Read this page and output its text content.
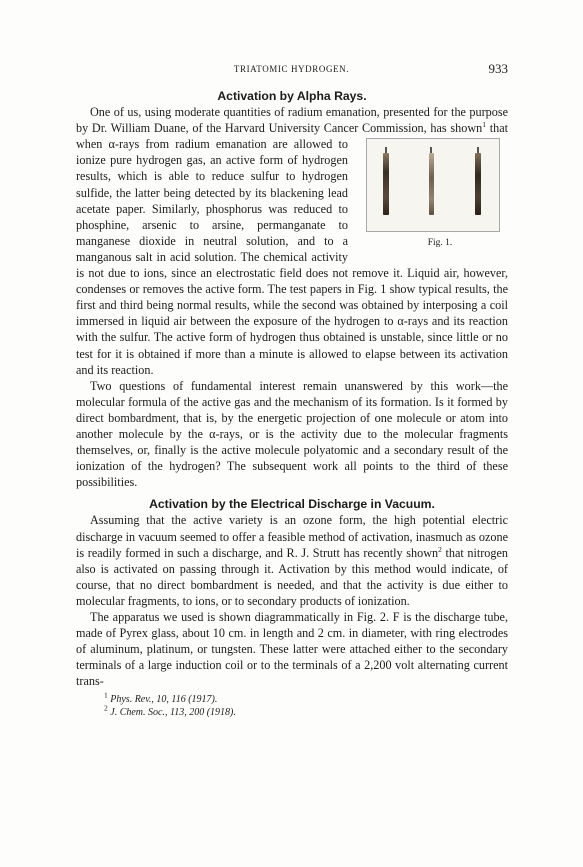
TRIATOMIC HYDROGEN.	933
Activation by Alpha Rays.

One of us, using moderate quantities of radium emanation, presented for the purpose by Dr. William Duane, of the Harvard University Cancer Commission, has shown$^1$
Fig. 1.
that when α-rays from radium emanation are allowed to ionize pure hydrogen gas, an active form of hydrogen results, which is able to reduce sulfur to hydrogen sulfide, the latter being detected by its blackening lead acetate paper. Similarly, phosphorus was reduced to phosphine, arsenic to arsine, permanganate to manganese dioxide in neutral solution, and to a manganous salt in acid solution. The chemical activity is not due to ions, since an electrostatic field does not remove it. Liquid air, however, condenses or removes the active form. The test papers in Fig. 1 show typical results, the first and third being normal results, while the second was obtained by interposing a coil immersed in liquid air between the exposure of the hydrogen to α-rays and its reaction with the sulfur. The active form of hydrogen thus obtained is unstable, since little or no test for it is obtained if more than a minute is allowed to elapse between its activation and its reaction.

Two questions of fundamental interest remain unanswered by this work—the molecular formula of the active gas and the mechanism of its formation. Is it formed by direct bombardment, that is, by the energetic projection of one molecule or atom into another molecule by the α-rays, or is the activity due to the molecular fragments themselves, or, finally is the active molecule polyatomic and a secondary result of the ionization of the hydrogen? The subsequent work all points to the third of these possibilities.

Activation by the Electrical Discharge in Vacuum.

Assuming that the active variety is an ozone form, the high potential electric discharge in vacuum seemed to offer a feasible method of activation, inasmuch as ozone is readily formed in such a discharge, and R. J. Strutt has recently shown$^2$ that nitrogen also is activated on passing through it. Activation by this method would indicate, of course, that no direct bombardment is needed, and that the activity is due either to molecular fragments, to ions, or to secondary products of ionization.

The apparatus we used is shown diagrammatically in Fig. 2. F is the discharge tube, made of Pyrex glass, about 10 cm. in length and 2 cm. in diameter, with ring electrodes of aluminum, platinum, or tungsten. These latter were attached either to the secondary terminals of a large induction coil or to the terminals of a 2,200 volt alternating current trans-

$^1$ Phys. Rev., 10, 116 (1917).

$^2$ J. Chem. Soc., 113, 200 (1918).
